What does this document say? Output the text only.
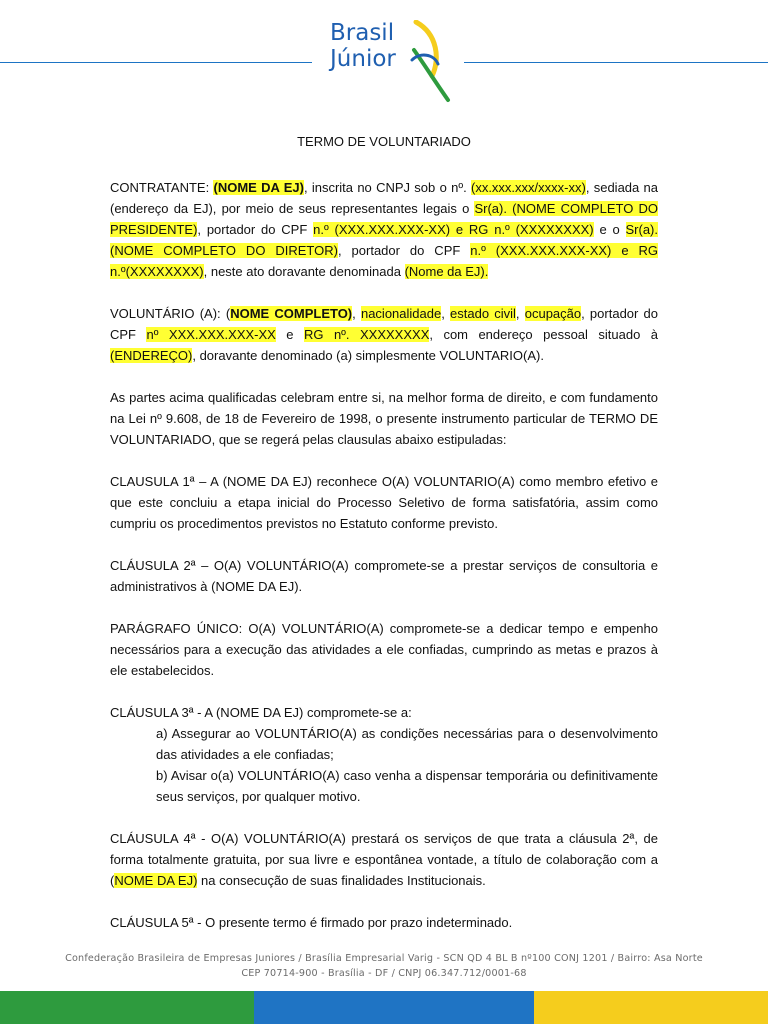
Brasil
Júnior
TERMO DE VOLUNTARIADO

CONTRATANTE: (NOME DA EJ), inscrita no CNPJ sob o nº. (xx.xxx.xxx/xxxx-xx), sediada na (endereço da EJ), por meio de seus representantes legais o Sr(a). (NOME COMPLETO DO PRESIDENTE), portador do CPF n.º (XXX.XXX.XXX-XX) e RG n.º (XXXXXXXX) e o Sr(a). (NOME COMPLETO DO DIRETOR), portador do CPF n.º (XXX.XXX.XXX-XX) e RG n.º(XXXXXXXX), neste ato doravante denominada (Nome da EJ).

VOLUNTÁRIO (A): (NOME COMPLETO), nacionalidade, estado civil, ocupação, portador do CPF nº XXX.XXX.XXX-XX e RG nº. XXXXXXXX, com endereço pessoal situado à (ENDEREÇO), doravante denominado (a) simplesmente VOLUNTARIO(A).

As partes acima qualificadas celebram entre si, na melhor forma de direito, e com fundamento na Lei nº 9.608, de 18 de Fevereiro de 1998, o presente instrumento particular de TERMO DE VOLUNTARIADO, que se regerá pelas clausulas abaixo estipuladas:

CLAUSULA 1ª – A (NOME DA EJ) reconhece O(A) VOLUNTARIO(A) como membro efetivo e que este concluiu a etapa inicial do Processo Seletivo de forma satisfatória, assim como cumpriu os procedimentos previstos no Estatuto conforme previsto.

CLÁUSULA 2ª – O(A) VOLUNTÁRIO(A) compromete-se a prestar serviços de consultoria e administrativos à (NOME DA EJ).

PARÁGRAFO ÚNICO: O(A) VOLUNTÁRIO(A) compromete-se a dedicar tempo e empenho necessários para a execução das atividades a ele confiadas, cumprindo as metas e prazos à ele estabelecidos.

CLÁUSULA 3ª - A (NOME DA EJ) compromete-se a:

a) Assegurar ao VOLUNTÁRIO(A) as condições necessárias para o desenvolvimento das atividades a ele confiadas;

b) Avisar o(a) VOLUNTÁRIO(A) caso venha a dispensar temporária ou definitivamente seus serviços, por qualquer motivo.

CLÁUSULA 4ª - O(A) VOLUNTÁRIO(A) prestará os serviços de que trata a cláusula 2ª, de forma totalmente gratuita, por sua livre e espontânea vontade, a título de colaboração com a (NOME DA EJ) na consecução de suas finalidades Institucionais.

CLÁUSULA 5ª - O presente termo é firmado por prazo indeterminado.

Confederação Brasileira de Empresas Juniores / Brasília Empresarial Varig - SCN QD 4 BL B nº100 CONJ 1201 / Bairro: Asa Norte
CEP 70714-900 - Brasília - DF / CNPJ 06.347.712/0001-68
